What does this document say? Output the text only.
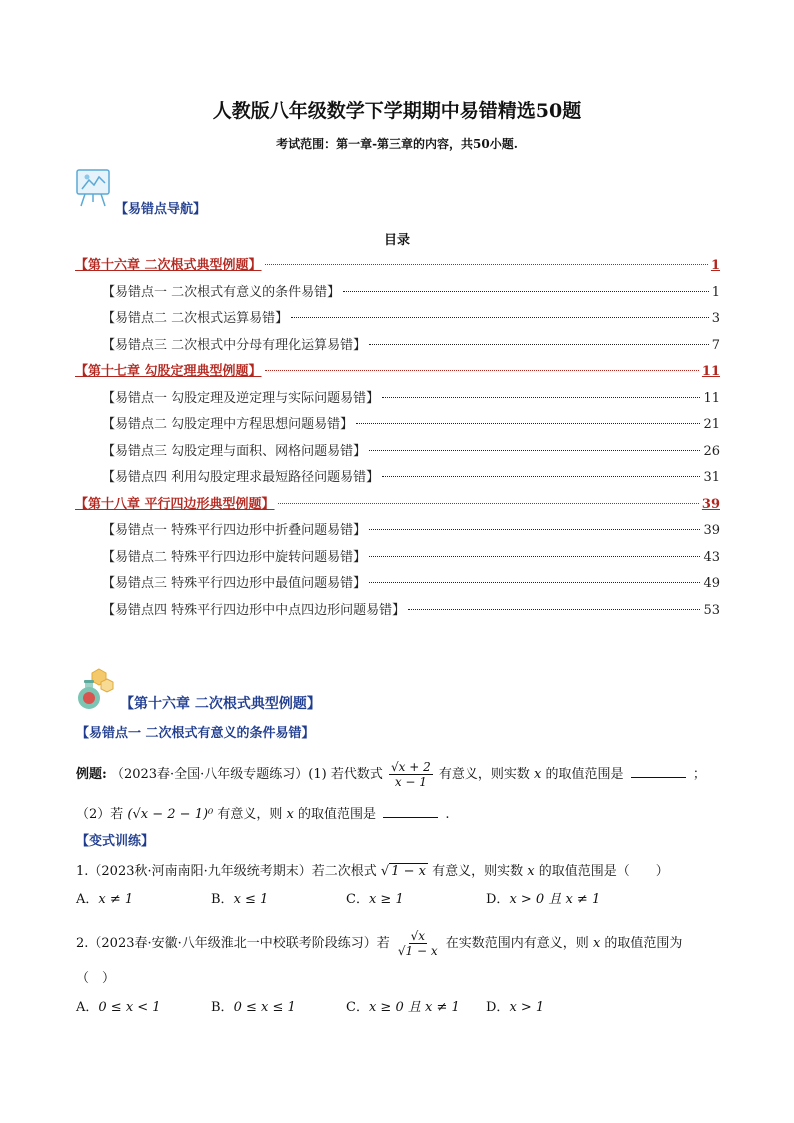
人教版八年级数学下学期期中易错精选50题
考试范围：第一章-第三章的内容，共50小题.
【易错点导航】
目录
【第十六章 二次根式典型例题】	1
【易错点一 二次根式有意义的条件易错】	1
【易错点二 二次根式运算易错】	3
【易错点三 二次根式中分母有理化运算易错】	7
【第十七章 勾股定理典型例题】	11
【易错点一 勾股定理及逆定理与实际问题易错】	11
【易错点二 勾股定理中方程思想问题易错】	21
【易错点三 勾股定理与面积、网格问题易错】	26
【易错点四 利用勾股定理求最短路径问题易错】	31
【第十八章 平行四边形典型例题】	39
【易错点一 特殊平行四边形中折叠问题易错】	39
【易错点二 特殊平行四边形中旋转问题易错】	43
【易错点三 特殊平行四边形中最值问题易错】	49
【易错点四 特殊平行四边形中中点四边形问题易错】	53
【第十六章 二次根式典型例题】
【易错点一 二次根式有意义的条件易错】
例题: （2023春·全国·八年级专题练习）(1) 若代数式 $\frac{√x + 2}{x - 1}$ 有意义，则实数 x 的取值范围是	；
（2）若 (√x − 2 − 1)⁰ 有意义，则 x 的取值范围是	.
【变式训练】
1.（2023秋·河南南阳·九年级统考期末）若二次根式 √ 1 − x 有意义，则实数 x 的取值范围是（　　）
A．x ≠ 1	B．x ≤ 1	C．x ≥ 1	D．x > 0 且 x ≠ 1
2.（2023春·安徽·八年级淮北一中校联考阶段练习）若 $\frac{√x}{√1 - x}$ 在实数范围内有意义，则 x 的取值范围为
（　）
A．0 ≤ x < 1	B．0 ≤ x ≤ 1	C．x ≥ 0 且 x ≠ 1 D．x > 1
